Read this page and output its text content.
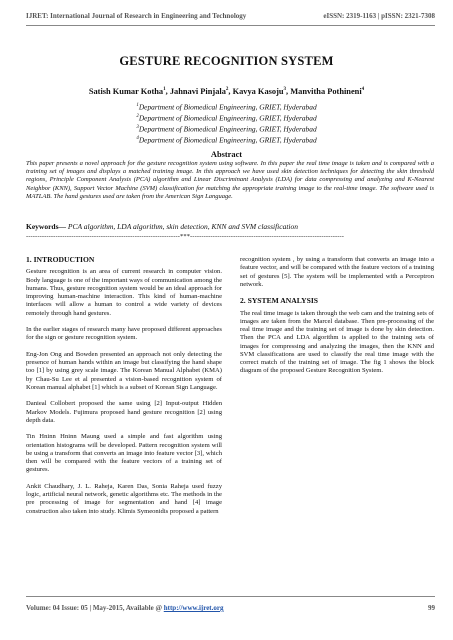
IJRET: International Journal of Research in Engineering and Technology	eISSN: 2319-1163 | pISSN: 2321-7308
GESTURE RECOGNITION SYSTEM
Satish Kumar Kotha$^1$, Jahnavi Pinjala$^2$, Kavya Kasoju$^3$, Manvitha Pothineni$^4$
$^1$Department of Biomedical Engineering, GRIET, Hyderabad
$^2$Department of Biomedical Engineering, GRIET, Hyderabad
$^3$Department of Biomedical Engineering, GRIET, Hyderabad
$^4$Department of Biomedical Engineering, GRIET, Hyderabad
Abstract
This paper presents a novel approach for the gesture recognition system using software. In this paper the real time image is taken and is compared with a training set of images and displays a matched training image. In this approach we have used skin detection techniques for detecting the skin threshold regions, Principle Component Analysis (PCA) algorithm and Linear Discriminant Analysis (LDA) for data compressing and analyzing and K-Nearest Neighbor (KNN), Support Vector Machine (SVM) classification for matching the appropriate training image to the real-time image. The software used is MATLAB. The hand gestures used are taken from the American Sign Language.
Keywords— PCA algorithm, LDA algorithm, skin detection, KNN and SVM classification
--------------------------------------------------------------------***--------------------------------------------------------------------
1. INTRODUCTION

Gesture recognition is an area of current research in computer vision. Body language is one of the important ways of communication among the humans. Thus, gesture recognition system would be an ideal approach for improving human-machine interaction. This kind of human-machine interfaces will allow a human to control a wide variety of devices remotely through hand gestures.

In the earlier stages of research many have proposed different approaches for the sign or gesture recognition system.

Eng-Jon Ong and Bowden presented an approach not only detecting the presence of human hands within an image but classifying the hand shape too [1] by using grey scale image. The Korean Manual Alphabet (KMA) by Chau-Su Lee et al presented a vision-based recognition system of Korean manual alphabet [1] which is a subset of Korean Sign Language.

Danieal Collobert proposed the same using [2] Input-output Hidden Markov Models. Fujimura proposed hand gesture recognition [2] using depth data.

Tin Hninn Hninn Maung used a simple and fast algorithm using orientation histograms will be developed. Pattern recognition system will be using a transform that converts an image into feature vector [3], which then will be compared with the feature vectors of a training set of gestures.

Ankit Chaudhary, J. L. Raheja, Karen Das, Sonia Raheja used fuzzy logic, artificial neural network, genetic algorithms etc. The methods in the pre processing of image for segmentation and hand [4] image construction also taken into study. Klimis Symeonidis proposed a pattern

recognition system , by using a transform that converts an image into a feature vector, and will be compared with the feature vectors of a training set of gestures [5]. The system will be implemented with a Perceptron network.

2. SYSTEM ANALYSIS

The real time image is taken through the web cam and the training sets of images are taken from the Marcel database. Then pre-processing of the real time image and the training set of image is done by skin detection. Then the PCA and LDA algorithm is applied to the training sets of images for compressing and analyzing the images, then the KNN and SVM classifications are used to classify the real time image with the correct match of the training set of image. The fig 1 shows the block diagram of the proposed Gesture Recognition System.

Volume: 04 Issue: 05 | May-2015, Available @ http://www.ijret.org	99
